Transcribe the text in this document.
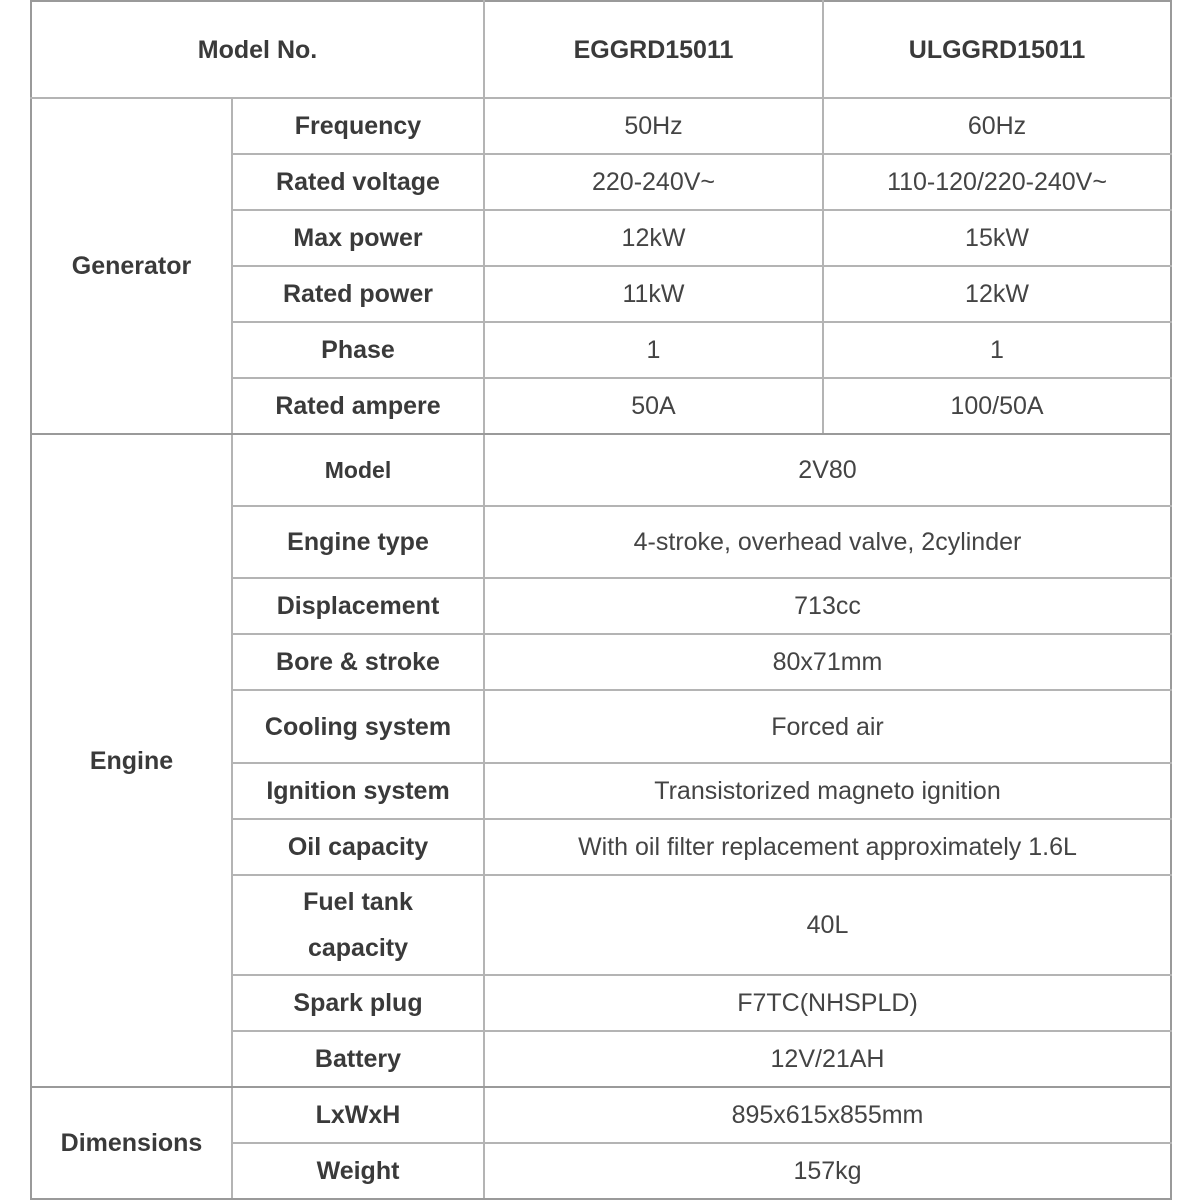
Model No.		EGGRD15011	ULGGRD15011
Generator	Frequency	50Hz	60Hz
	Rated voltage	220-240V~	110-120/220-240V~
	Max power	12kW	15kW
	Rated power	11kW	12kW
	Phase	1	1
	Rated ampere	50A	100/50A
Engine	Model	2V80	
	Engine type	4-stroke, overhead valve, 2cylinder	
	Displacement	713cc	
	Bore & stroke	80x71mm	
	Cooling system	Forced air	
	Ignition system	Transistorized magneto ignition	
	Oil capacity	With oil filter replacement approximately 1.6L	
	Fuel tank capacity	40L	
	Spark plug	F7TC(NHSPLD)	
	Battery	12V/21AH	
Dimensions	LxWxH	895x615x855mm	
	Weight	157kg	
